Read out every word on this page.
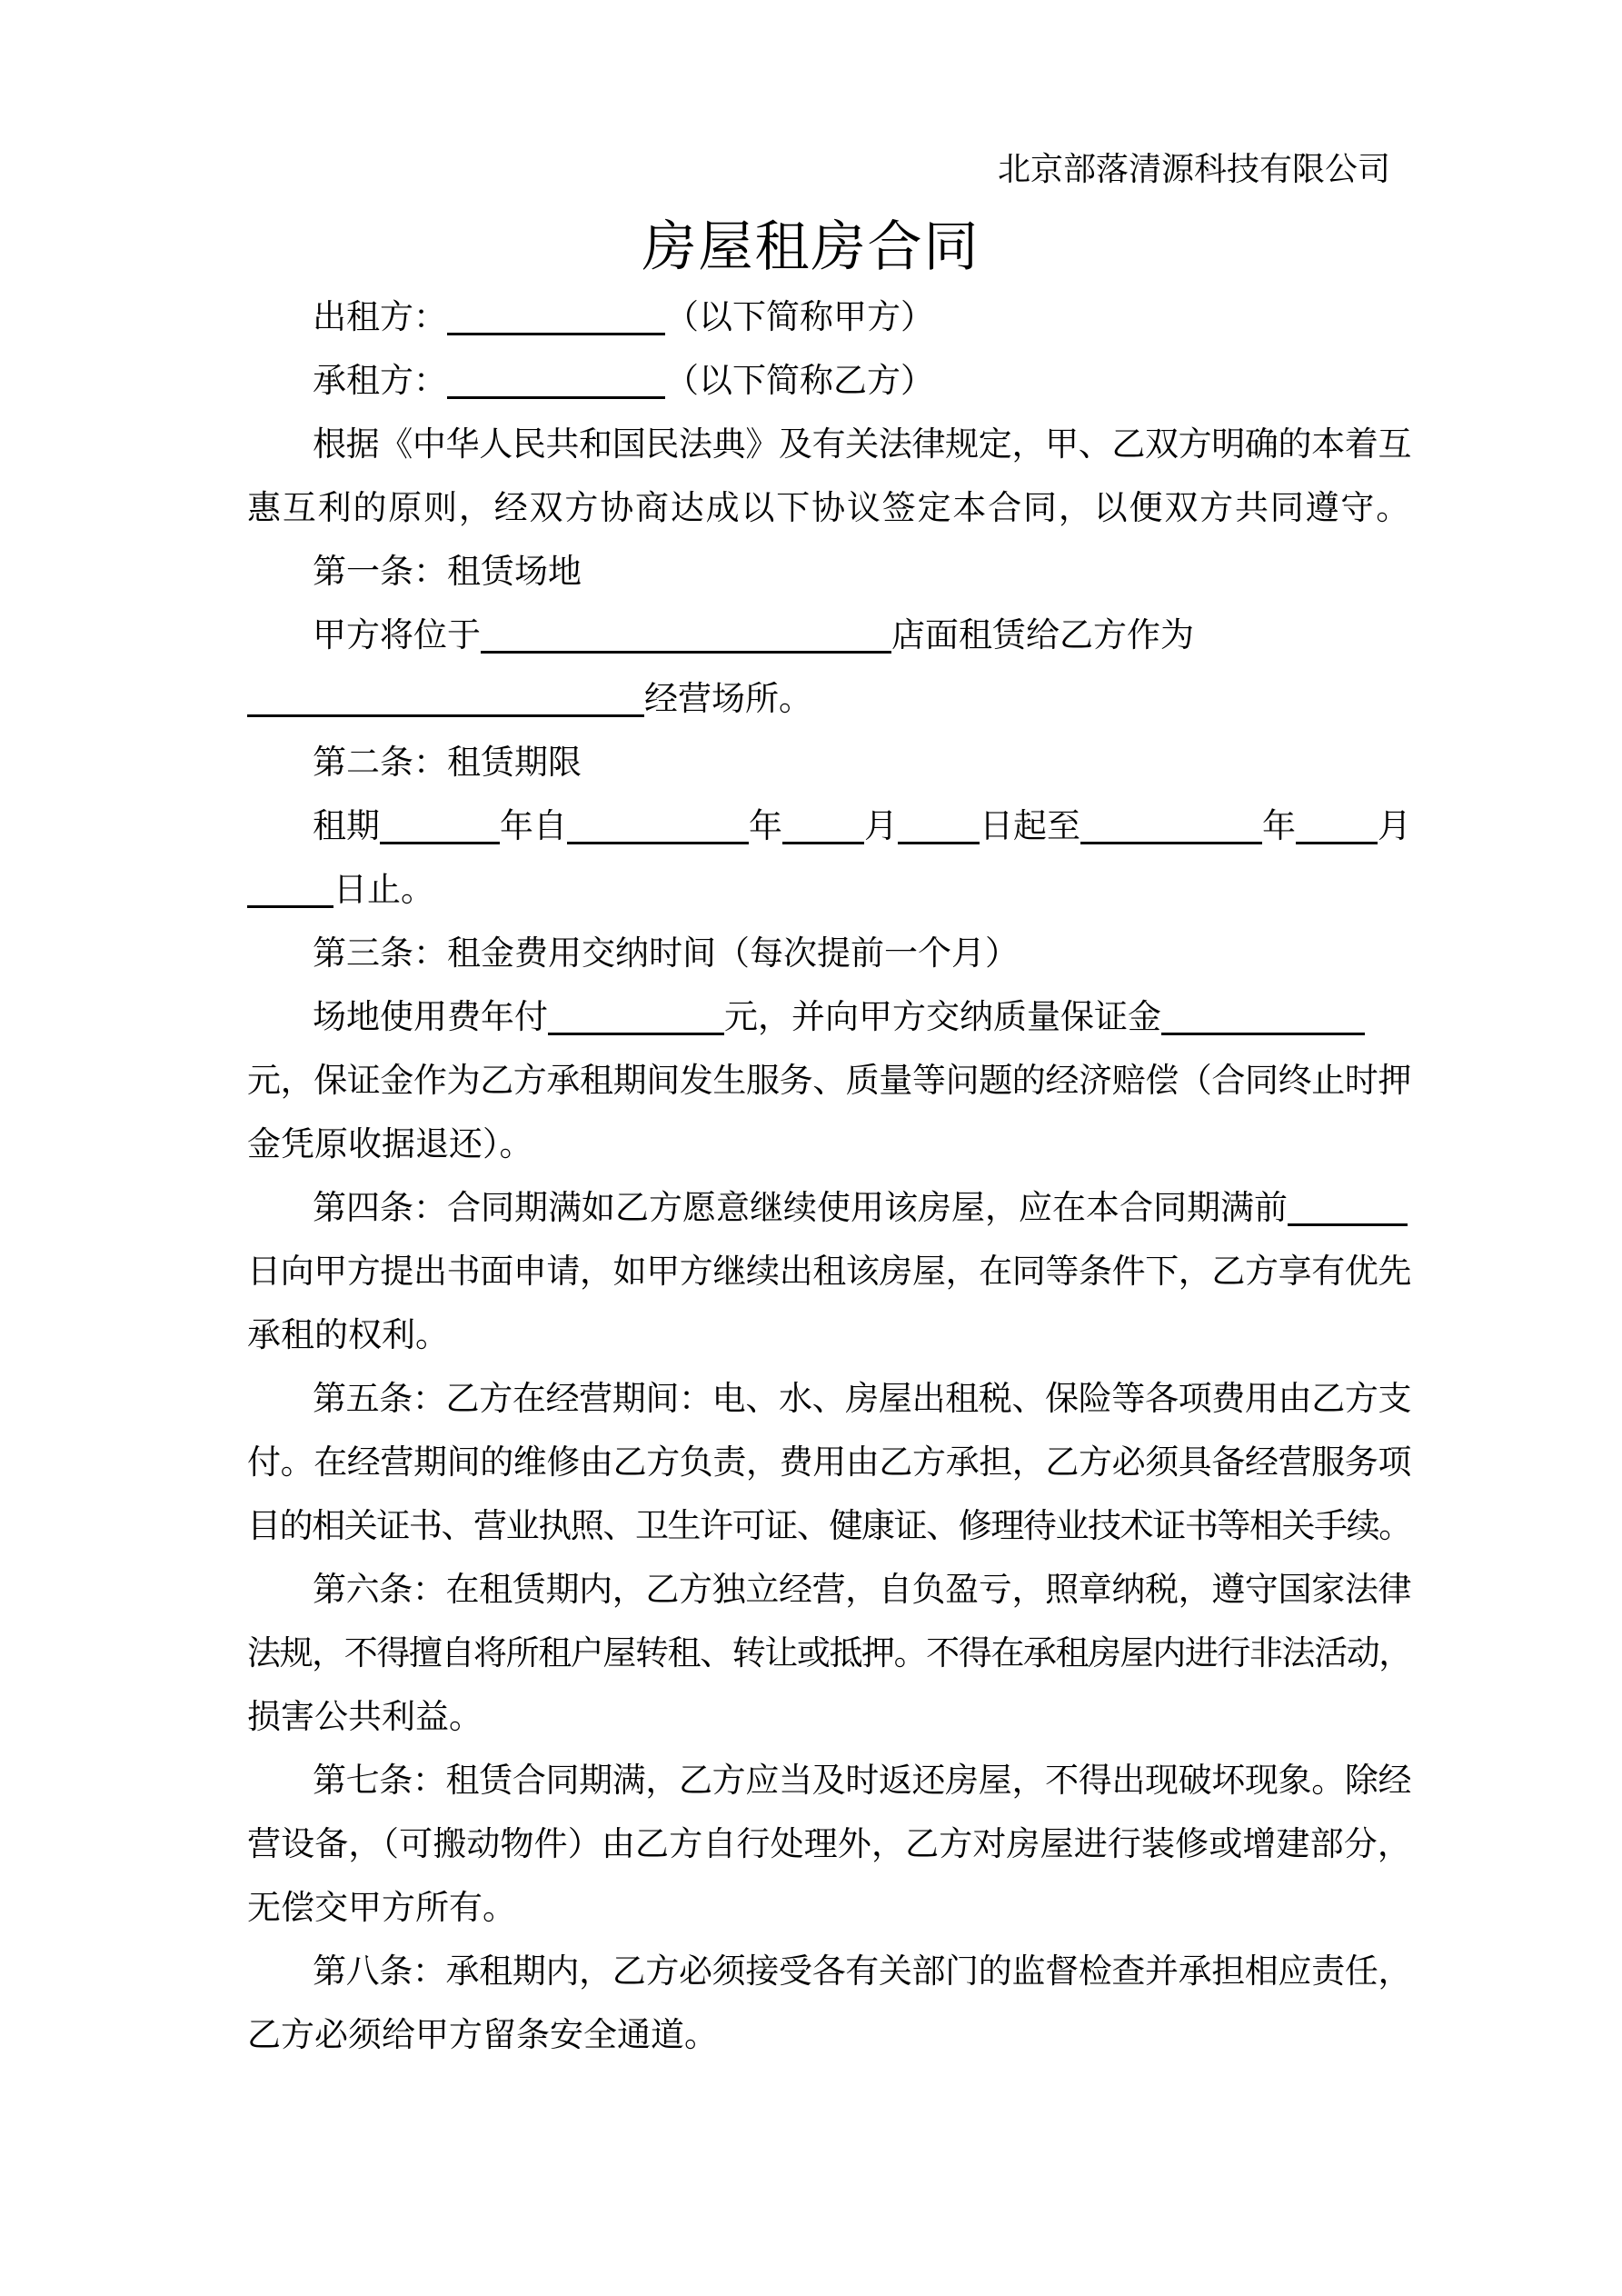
北京部落清源科技有限公司
房屋租房合同
出租方：	（以下简称甲方）
承租方：	（以下简称乙方）
根据《中华人民共和国民法典》及有关法律规定，甲、乙双方明确的本着互
惠互利的原则，经双方协商达成以下协议签定本合同，以便双方共同遵守。
第一条：租赁场地
甲方将位于	店面租赁给乙方作为
经营场所。
第二条：租赁期限
租期	年自	年 月 日起至	年 月
日止。
第三条：租金费用交纳时间（每次提前一个月）
场地使用费年付	元，并向甲方交纳质量保证金
元，保证金作为乙方承租期间发生服务、质量等问题的经济赔偿（合同终止时押
金凭原收据退还）。
第四条：合同期满如乙方愿意继续使用该房屋，应在本合同期满前
日向甲方提出书面申请，如甲方继续出租该房屋，在同等条件下，乙方享有优先
承租的权利。
第五条：乙方在经营期间：电、水、房屋出租税、保险等各项费用由乙方支
付。在经营期间的维修由乙方负责，费用由乙方承担，乙方必须具备经营服务项
目的相关证书、营业执照、卫生许可证、健康证、修理待业技术证书等相关手续。
第六条：在租赁期内，乙方独立经营，自负盈亏，照章纳税，遵守国家法律
法规，不得擅自将所租户屋转租、转让或抵押。不得在承租房屋内进行非法活动，
损害公共利益。
第七条：租赁合同期满，乙方应当及时返还房屋，不得出现破坏现象。除经
营设备，（可搬动物件）由乙方自行处理外，乙方对房屋进行装修或增建部分，
无偿交甲方所有。
第八条：承租期内，乙方必须接受各有关部门的监督检查并承担相应责任，
乙方必须给甲方留条安全通道。
